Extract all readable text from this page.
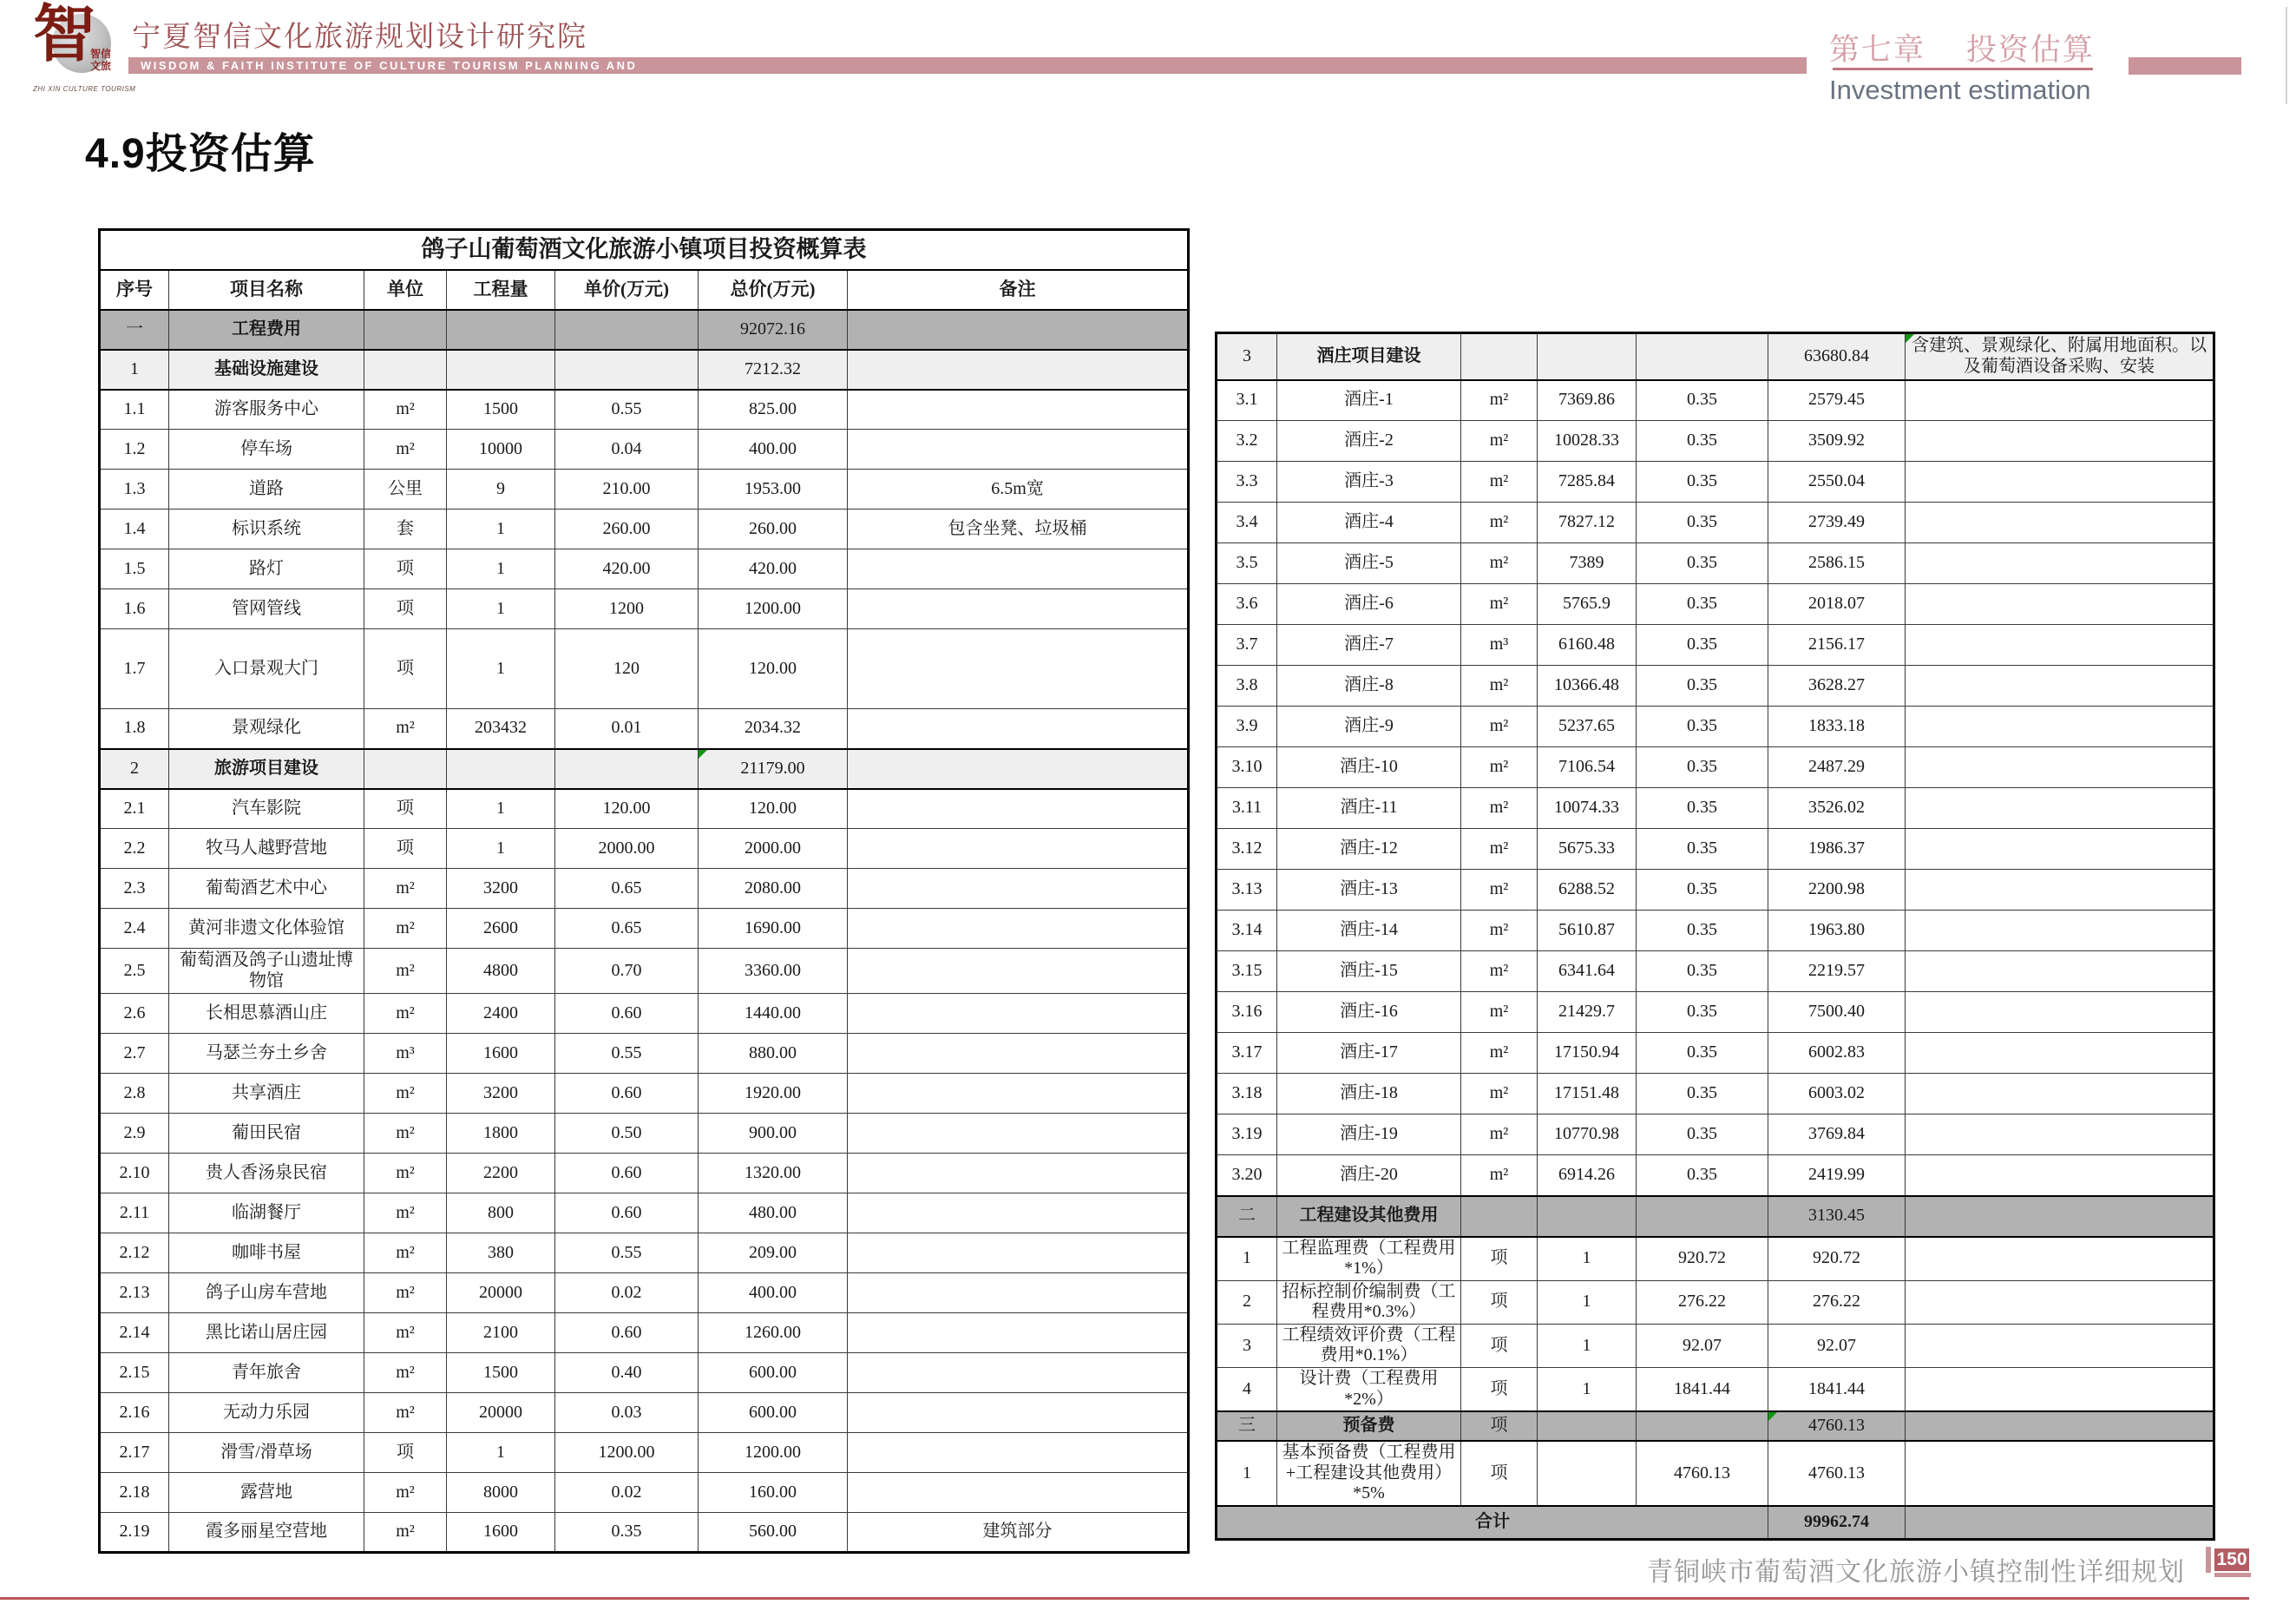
智
智信
文旅
ZHI XIN CULTURE TOURISM
宁夏智信文化旅游规划设计研究院
WISDOM & FAITH INSTITUTE OF CULTURE TOURISM PLANNING AND	第七章    投资估算
Investment estimation
4.9投资估算
鸽子山葡萄酒文化旅游小镇项目投资概算表						
序号	项目名称	单位	工程量	单价(万元)	总价(万元)	备注
一	工程费用				92072.16	
1	基础设施建设				7212.32	
1.1	游客服务中心	m²	1500	0.55	825.00	
1.2	停车场	m²	10000	0.04	400.00	
1.3	道路	公里	9	210.00	1953.00	6.5m宽
1.4	标识系统	套	1	260.00	260.00	包含坐凳、垃圾桶
1.5	路灯	项	1	420.00	420.00	
1.6	管网管线	项	1	1200	1200.00	
1.7	入口景观大门	项	1	120	120.00	
1.8	景观绿化	m²	203432	0.01	2034.32	
2	旅游项目建设				21179.00	
2.1	汽车影院	项	1	120.00	120.00	
2.2	牧马人越野营地	项	1	2000.00	2000.00	
2.3	葡萄酒艺术中心	m²	3200	0.65	2080.00	
2.4	黄河非遗文化体验馆	m²	2600	0.65	1690.00	
2.5	葡萄酒及鸽子山遗址博物馆	m²	4800	0.70	3360.00	
2.6	长相思慕酒山庄	m²	2400	0.60	1440.00	
2.7	马瑟兰夯土乡舍	m³	1600	0.55	880.00	
2.8	共享酒庄	m²	3200	0.60	1920.00	
2.9	葡田民宿	m²	1800	0.50	900.00	
2.10	贵人香汤泉民宿	m²	2200	0.60	1320.00	
2.11	临湖餐厅	m²	800	0.60	480.00	
2.12	咖啡书屋	m²	380	0.55	209.00	
2.13	鸽子山房车营地	m²	20000	0.02	400.00	
2.14	黑比诺山居庄园	m²	2100	0.60	1260.00	
2.15	青年旅舍	m²	1500	0.40	600.00	
2.16	无动力乐园	m²	20000	0.03	600.00	
2.17	滑雪/滑草场	项	1	1200.00	1200.00	
2.18	露营地	m²	8000	0.02	160.00	
2.19	霞多丽星空营地	m²	1600	0.35	560.00	建筑部分
3	酒庄项目建设				63680.84	含建筑、景观绿化、附属用地面积。以及葡萄酒设备采购、安装
3.1	酒庄-1	m²	7369.86	0.35	2579.45	
3.2	酒庄-2	m²	10028.33	0.35	3509.92	
3.3	酒庄-3	m²	7285.84	0.35	2550.04	
3.4	酒庄-4	m²	7827.12	0.35	2739.49	
3.5	酒庄-5	m²	7389	0.35	2586.15	
3.6	酒庄-6	m²	5765.9	0.35	2018.07	
3.7	酒庄-7	m³	6160.48	0.35	2156.17	
3.8	酒庄-8	m²	10366.48	0.35	3628.27	
3.9	酒庄-9	m²	5237.65	0.35	1833.18	
3.10	酒庄-10	m²	7106.54	0.35	2487.29	
3.11	酒庄-11	m²	10074.33	0.35	3526.02	
3.12	酒庄-12	m²	5675.33	0.35	1986.37	
3.13	酒庄-13	m²	6288.52	0.35	2200.98	
3.14	酒庄-14	m²	5610.87	0.35	1963.80	
3.15	酒庄-15	m²	6341.64	0.35	2219.57	
3.16	酒庄-16	m²	21429.7	0.35	7500.40	
3.17	酒庄-17	m²	17150.94	0.35	6002.83	
3.18	酒庄-18	m²	17151.48	0.35	6003.02	
3.19	酒庄-19	m²	10770.98	0.35	3769.84	
3.20	酒庄-20	m²	6914.26	0.35	2419.99	
二	工程建设其他费用				3130.45	
1	工程监理费（工程费用*1%）	项	1	920.72	920.72	
2	招标控制价编制费（工程费用*0.3%）	项	1	276.22	276.22	
3	工程绩效评价费（工程费用*0.1%）	项	1	92.07	92.07	
4	设计费（工程费用*2%）	项	1	1841.44	1841.44	
三	预备费	项			4760.13	
1	基本预备费（工程费用+工程建设其他费用）*5%	项		4760.13	4760.13	
合计					99962.74	
青铜峡市葡萄酒文化旅游小镇控制性详细规划 150
